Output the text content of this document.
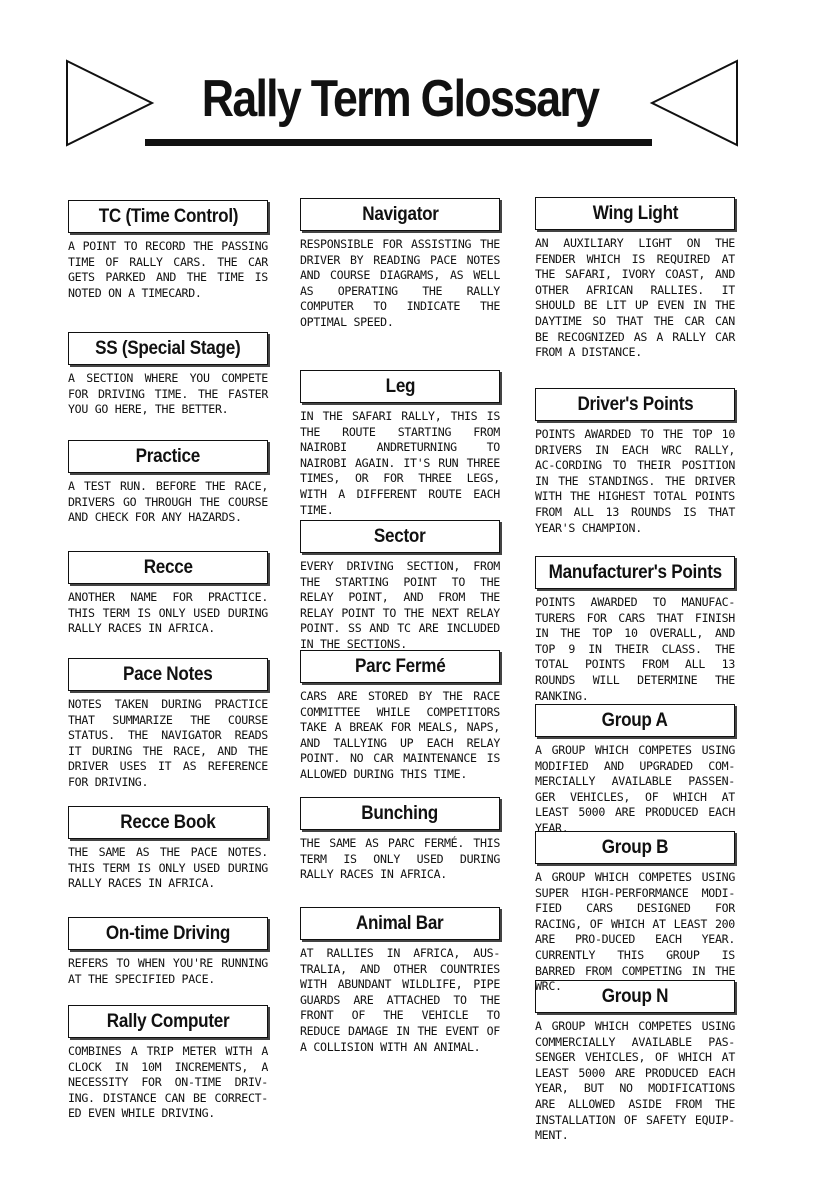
Rally Term Glossary
TC (Time Control)
A POINT TO RECORD THE PASSING TIME OF RALLY CARS. THE CAR GETS PARKED AND THE TIME IS NOTED ON A TIMECARD.
SS (Special Stage)
A SECTION WHERE YOU COMPETE FOR DRIVING TIME. THE FASTER YOU GO HERE, THE BETTER.
Practice
A TEST RUN. BEFORE THE RACE, DRIVERS GO THROUGH THE COURSE AND CHECK FOR ANY HAZARDS.
Recce
ANOTHER NAME FOR PRACTICE. THIS TERM IS ONLY USED DURING RALLY RACES IN AFRICA.
Pace Notes
NOTES TAKEN DURING PRACTICE THAT SUMMARIZE THE COURSE STATUS. THE NAVIGATOR READS IT DURING THE RACE, AND THE DRIVER USES IT AS REFERENCE FOR DRIVING.
Recce Book
THE SAME AS THE PACE NOTES. THIS TERM IS ONLY USED DURING RALLY RACES IN AFRICA.
On-time Driving
REFERS TO WHEN YOU'RE RUNNING AT THE SPECIFIED PACE.
Rally Computer
COMBINES A TRIP METER WITH A CLOCK IN 10M INCREMENTS, A NECESSITY FOR ON-TIME DRIV-ING. DISTANCE CAN BE CORRECT-ED EVEN WHILE DRIVING.
Navigator
RESPONSIBLE FOR ASSISTING THE DRIVER BY READING PACE NOTES AND COURSE DIAGRAMS, AS WELL AS OPERATING THE RALLY COMPUTER TO INDICATE THE OPTIMAL SPEED.
Leg
IN THE SAFARI RALLY, THIS IS THE ROUTE STARTING FROM NAIROBI ANDRETURNING TO NAIROBI AGAIN. IT'S RUN THREE TIMES, OR FOR THREE LEGS, WITH A DIFFERENT ROUTE EACH TIME.
Sector
EVERY DRIVING SECTION, FROM THE STARTING POINT TO THE RELAY POINT, AND FROM THE RELAY POINT TO THE NEXT RELAY POINT. SS AND TC ARE INCLUDED IN THE SECTIONS.
Parc Fermé
CARS ARE STORED BY THE RACE COMMITTEE WHILE COMPETITORS TAKE A BREAK FOR MEALS, NAPS, AND TALLYING UP EACH RELAY POINT. NO CAR MAINTENANCE IS ALLOWED DURING THIS TIME.
Bunching
THE SAME AS PARC FERMÉ. THIS TERM IS ONLY USED DURING RALLY RACES IN AFRICA.
Animal Bar
AT RALLIES IN AFRICA, AUS-TRALIA, AND OTHER COUNTRIES WITH ABUNDANT WILDLIFE, PIPE GUARDS ARE ATTACHED TO THE FRONT OF THE VEHICLE TO REDUCE DAMAGE IN THE EVENT OF A COLLISION WITH AN ANIMAL.
Wing Light
AN AUXILIARY LIGHT ON THE FENDER WHICH IS REQUIRED AT THE SAFARI, IVORY COAST, AND OTHER AFRICAN RALLIES. IT SHOULD BE LIT UP EVEN IN THE DAYTIME SO THAT THE CAR CAN BE RECOGNIZED AS A RALLY CAR FROM A DISTANCE.
Driver's Points
POINTS AWARDED TO THE TOP 10 DRIVERS IN EACH WRC RALLY, AC-CORDING TO THEIR POSITION IN THE STANDINGS. THE DRIVER WITH THE HIGHEST TOTAL POINTS FROM ALL 13 ROUNDS IS THAT YEAR'S CHAMPION.
Manufacturer's Points
POINTS AWARDED TO MANUFAC-TURERS FOR CARS THAT FINISH IN THE TOP 10 OVERALL, AND TOP 9 IN THEIR CLASS. THE TOTAL POINTS FROM ALL 13 ROUNDS WILL DETERMINE THE RANKING.
Group A
A GROUP WHICH COMPETES USING MODIFIED AND UPGRADED COM-MERCIALLY AVAILABLE PASSEN-GER VEHICLES, OF WHICH AT LEAST 5000 ARE PRODUCED EACH YEAR.
Group B
A GROUP WHICH COMPETES USING SUPER HIGH-PERFORMANCE MODI-FIED CARS DESIGNED FOR RACING, OF WHICH AT LEAST 200 ARE PRO-DUCED EACH YEAR. CURRENTLY THIS GROUP IS BARRED FROM COMPETING IN THE WRC.	Group N
A GROUP WHICH COMPETES USING COMMERCIALLY AVAILABLE PAS-SENGER VEHICLES, OF WHICH AT LEAST 5000 ARE PRODUCED EACH YEAR, BUT NO MODIFICATIONS ARE ALLOWED ASIDE FROM THE INSTALLATION OF SAFETY EQUIP-MENT.
